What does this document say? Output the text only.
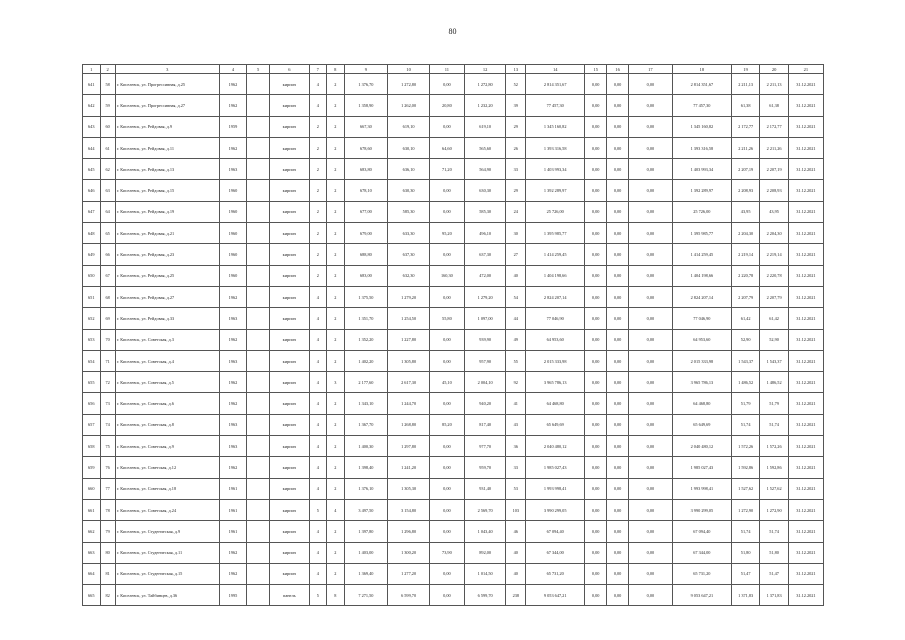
80
1	2	3	4	5	6	7	8	9	10	11	12	13	14	15	16	17	18	19	20	21
641	58	г. Киселевск, ул. Прогрессивная, д.25	1962		кирпич	4	2	1 376,70	1 272,80	0,00	1 272,80	52	2 814 351,67	0,00	0,00	0,00	2 814 351,67	2 211,13	2 211,13	31.12.2021
642	59	г. Киселевск, ул. Прогрессивная, д.27	1962		кирпич	4	2	1 358,90	1 262,00	20,80	1 232,20	39	77 457,30	0,00	0,00	0,00	77 457,30	61,38	61,38	31.12.2021
643	60	г. Киселевск, ул. Рейдовая, д.9	1959		кирпич	2	2	667,30	619,10	0,00	619,10	29	1 345 160,82	0,00	0,00	0,00	1 345 160,82	2 172,77	2 172,77	31.12.2021
644	61	г. Киселевск, ул. Рейдовая, д.11	1962		кирпич	2	2	678,60	630,10	64,60	565,60	26	1 393 316,58	0,00	0,00	0,00	1 393 316,58	2 211,26	2 211,26	31.12.2021
645	62	г. Киселевск, ул. Рейдовая, д.13	1963		кирпич	2	2	683,80	636,10	71,20	564,90	33	1 403 993,34	0,00	0,00	0,00	1 403 993,34	2 207,19	2 207,19	31.12.2021
646	63	г. Киселевск, ул. Рейдовая, д.15	1960		кирпич	2	2	678,10	630,30	0,00	630,30	29	1 392 289,97	0,00	0,00	0,00	1 392 289,97	2 208,93	2 208,93	31.12.2021
647	64	г. Киселевск, ул. Рейдовая, д.19	1960		кирпич	2	2	677,00	585,30	0,00	585,30	24	25 726,00	0,00	0,00	0,00	25 726,00	43,95	43,95	31.12.2021
648	65	г. Киселевск, ул. Рейдовая, д.21	1960		кирпич	2	2	679,00	633,30	95,20	496,10	30	1 395 985,77	0,00	0,00	0,00	1 395 985,77	2 204,30	2 204,30	31.12.2021
649	66	г. Киселевск, ул. Рейдовая, д.23	1960		кирпич	2	2	688,80	637,30	0,00	637,30	27	1 414 259,45	0,00	0,00	0,00	1 414 259,45	2 219,14	2 219,14	31.12.2021
650	67	г. Киселевск, ул. Рейдовая, д.25	1960		кирпич	2	2	683,00	632,30	160,30	472,00	40	1 404 198,66	0,00	0,00	0,00	1 404 198,66	2 220,78	2 220,78	31.12.2021
651	68	г. Киселевск, ул. Рейдовая, д.27	1962		кирпич	4	2	1 375,50	1 279,20	0,00	1 279,20	54	2 824 207,14	0,00	0,00	0,00	2 824 207,14	2 207,79	2 207,79	31.12.2021
652	69	г. Киселевск, ул. Рейдовая, д.33	1963		кирпич	4	2	1 351,70	1 254,50	55,80	1 097,00	44	77 046,90	0,00	0,00	0,00	77 046,90	61,42	61,42	31.12.2021
653	70	г. Киселевск, ул. Советская, д.3	1962		кирпич	4	2	1 352,20	1 227,80	0,00	939,90	49	64 953,60	0,00	0,00	0,00	64 953,60	52,90	52,90	31.12.2021
654	71	г. Киселевск, ул. Советская, д.4	1963		кирпич	4	2	1 402,20	1 305,80	0,00	957,90	55	2 015 333,98	0,00	0,00	0,00	2 015 333,98	1 543,37	1 543,37	31.12.2021
655	72	г. Киселевск, ул. Советская, д.5	1962		кирпич	4	3	2 177,60	2 617,30	45,10	2 004,10	92	3 965 786,13	0,00	0,00	0,00	3 965 786,13	1 486,52	1 486,52	31.12.2021
656	73	г. Киселевск, ул. Советская, д.6	1962		кирпич	4	2	1 343,10	1 244,70	0,00	940,20	41	64 468,80	0,00	0,00	0,00	64 468,80	51,79	51,79	31.12.2021
657	74	г. Киселевск, ул. Советская, д.8	1963		кирпич	4	2	1 367,70	1 268,80	85,20	817,40	43	65 649,69	0,00	0,00	0,00	65 649,69	51,74	51,74	31.12.2021
658	75	г. Киселевск, ул. Советская, д.9	1963		кирпич	4	2	1 400,30	1 297,80	0,00	977,70	36	2 040 480,12	0,00	0,00	0,00	2 040 480,12	1 572,26	1 572,26	31.12.2021
659	76	г. Киселевск, ул. Советская, д.12	1962		кирпич	4	2	1 398,40	1 241,20	0,00	959,70	33	1 985 027,43	0,00	0,00	0,00	1 985 027,43	1 592,86	1 592,86	31.12.2021
660	77	г. Киселевск, ул. Советская, д.18	1961		кирпич	4	2	1 376,10	1 305,30	0,00	931,40	53	1 993 998,41	0,00	0,00	0,00	1 993 998,41	1 527,62	1 527,62	31.12.2021
661	78	г. Киселевск, ул. Советская, д.24	1961		кирпич	5	4	3 497,50	3 154,80	0,00	2 569,70	103	3 990 299,05	0,00	0,00	0,00	3 990 299,05	1 272,90	1 272,90	31.12.2021
662	79	г. Киселевск, ул. Студенческая, д.9	1961		кирпич	4	2	1 397,80	1 296,80	0,00	1 043,40	46	67 094,40	0,00	0,00	0,00	67 094,40	51,74	51,74	31.12.2021
663	80	г. Киселевск, ул. Студенческая, д.11	1962		кирпич	4	2	1 403,00	1 300,20	73,90	892,00	40	67 344,00	0,00	0,00	0,00	67 344,00	51,80	51,80	31.12.2021
664	81	г. Киселевск, ул. Студенческая, д.15	1962		кирпич	4	2	1 369,40	1 277,20	0,00	1 014,50	40	65 731,20	0,00	0,00	0,00	65 731,20	51,47	51,47	31.12.2021
665	82	г. Киселевск, ул. Тайбинцев, д.36	1995		панель	5	8	7 271,50	6 599,70	0,00	6 599,70	238	9 053 647,21	0,00	0,00	0,00	9 053 647,21	1 371,83	1 371,83	31.12.2021
